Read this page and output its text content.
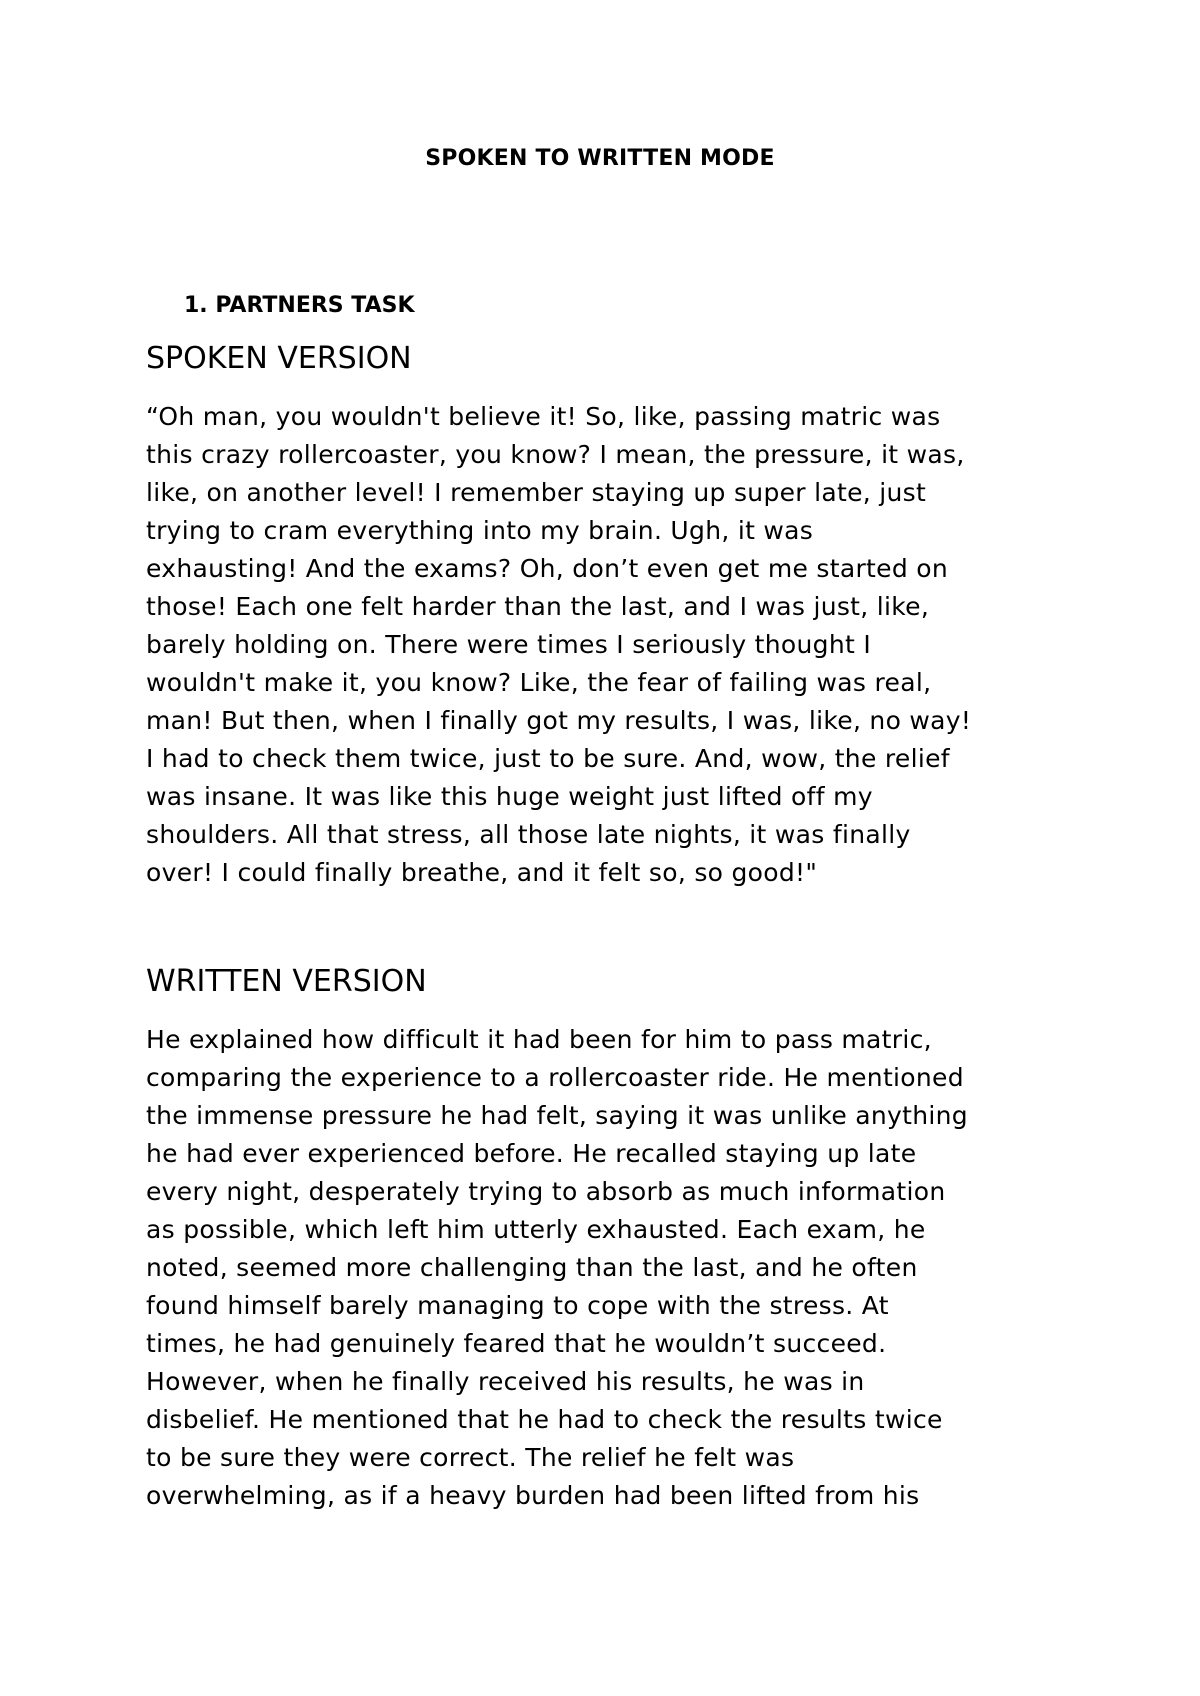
SPOKEN TO WRITTEN MODE
1. PARTNERS TASK
SPOKEN VERSION
“Oh man, you wouldn't believe it! So, like, passing matric was
this crazy rollercoaster, you know? I mean, the pressure, it was,
like, on another level! I remember staying up super late, just
trying to cram everything into my brain. Ugh, it was
exhausting! And the exams? Oh, don’t even get me started on
those! Each one felt harder than the last, and I was just, like,
barely holding on. There were times I seriously thought I
wouldn't make it, you know? Like, the fear of failing was real,
man! But then, when I finally got my results, I was, like, no way!
I had to check them twice, just to be sure. And, wow, the relief
was insane. It was like this huge weight just lifted off my
shoulders. All that stress, all those late nights, it was finally
over! I could finally breathe, and it felt so, so good!"
WRITTEN VERSION
He explained how difficult it had been for him to pass matric,
comparing the experience to a rollercoaster ride. He mentioned
the immense pressure he had felt, saying it was unlike anything
he had ever experienced before. He recalled staying up late
every night, desperately trying to absorb as much information
as possible, which left him utterly exhausted. Each exam, he
noted, seemed more challenging than the last, and he often
found himself barely managing to cope with the stress. At
times, he had genuinely feared that he wouldn’t succeed.
However, when he finally received his results, he was in
disbelief. He mentioned that he had to check the results twice
to be sure they were correct. The relief he felt was
overwhelming, as if a heavy burden had been lifted from his
